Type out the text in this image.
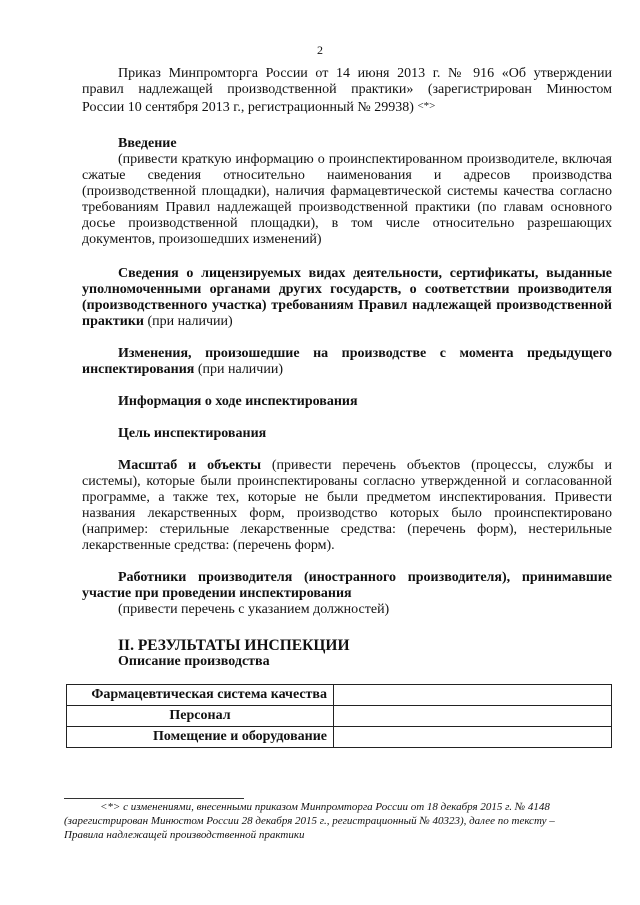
2

Приказ Минпромторга России от 14 июня 2013 г. № 916 «Об утверждении

правил надлежащей производственной практики» (зарегистрирован Минюстом

России 10 сентября 2013 г., регистрационный № 29938) <*>

Введение

(привести краткую информацию о проинспектированном производителе, включая сжатые сведения относительно наименования и адресов производства (производственной площадки), наличия фармацевтической системы качества согласно требованиям Правил надлежащей производственной практики (по главам основного досье производственной площадки), в том числе относительно разрешающих документов, произошедших изменений)

Сведения о лицензируемых видах деятельности, сертификаты, выданные уполномоченными органами других государств, о соответствии производителя (производственного участка) требованиям Правил надлежащей производственной практики (при наличии)

Изменения, произошедшие на производстве с момента предыдущего инспектирования (при наличии)

Информация о ходе инспектирования

Цель инспектирования

Масштаб и объекты (привести перечень объектов (процессы, службы и системы), которые были проинспектированы согласно утвержденной и согласованной программе, а также тех, которые не были предметом инспектирования. Привести названия лекарственных форм, производство которых было проинспектировано (например: стерильные лекарственные средства: (перечень форм), нестерильные лекарственные средства: (перечень форм).

Работники производителя (иностранного производителя), принимавшие участие при проведении инспектирования

(привести перечень с указанием должностей)

II. РЕЗУЛЬТАТЫ ИНСПЕКЦИИ

Описание производства

Фармацевтическая система качества	
Персонал	
Помещение и оборудование	

<*> с изменениями, внесенными приказом Минпромторга России от 18 декабря 2015 г. № 4148

(зарегистрирован Минюстом России 28 декабря 2015 г., регистрационный № 40323), далее по тексту –

Правила надлежащей производственной практики
